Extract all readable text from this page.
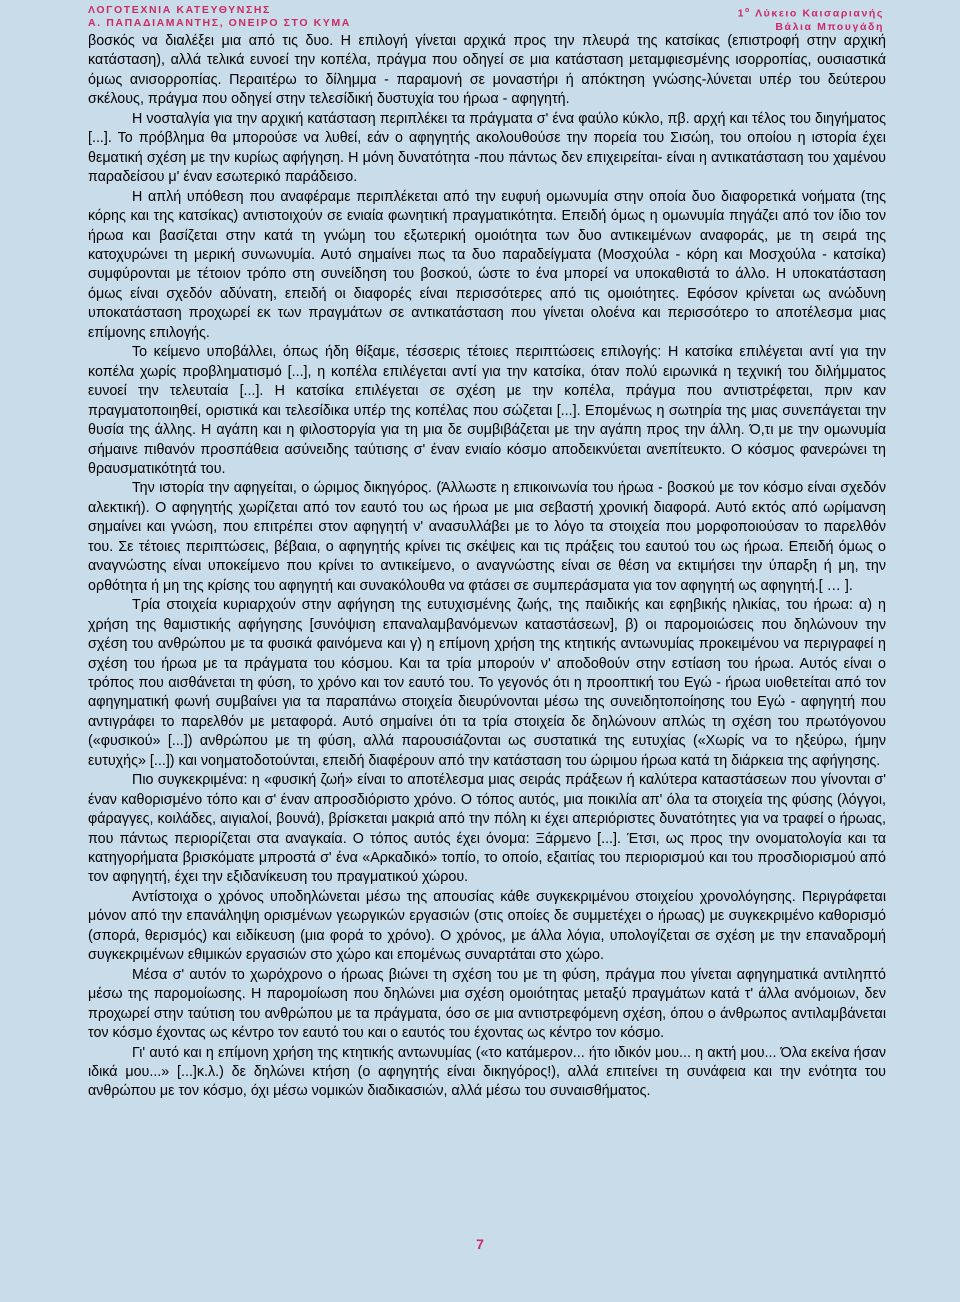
ΛΟΓΟΤΕΧΝΙΑ ΚΑΤΕΥΘΥΝΣΗΣ
Α. ΠΑΠΑΔΙΑΜΑΝΤΗΣ, ΟΝΕΙΡΟ ΣΤΟ ΚΥΜΑ
$1^o$ Λύκειο Καισαριανής
Βάλια Μπουγάδη

βοσκός να διαλέξει μια από τις δυο. Η επιλογή γίνεται αρχικά προς την πλευρά της κατσίκας (επιστροφή στην αρχική κατάσταση), αλλά τελικά ευνοεί την κοπέλα, πράγμα που οδηγεί σε μια κατάσταση μεταμφιεσμένης ισορροπίας, ουσιαστικά όμως ανισορροπίας. Περαιτέρω το δίλημμα - παραμονή σε μοναστήρι ή απόκτηση γνώσης-λύνεται υπέρ του δεύτερου σκέλους, πράγμα που οδηγεί στην τελεσίδική δυστυχία του ήρωα - αφηγητή.

Η νοσταλγία για την αρχική κατάσταση περιπλέκει τα πράγματα σ' ένα φαύλο κύκλο, πβ. αρχή και τέλος του διηγήματος [...]. Το πρόβλημα θα μπορούσε να λυθεί, εάν ο αφηγητής ακολουθούσε την πορεία του Σισώη, του οποίου η ιστορία έχει θεματική σχέση με την κυρίως αφήγηση. Η μόνη δυνατότητα -που πάντως δεν επιχειρείται- είναι η αντικατάσταση του χαμένου παραδείσου μ' έναν εσωτερικό παράδεισο.

Η απλή υπόθεση που αναφέραμε περιπλέκεται από την ευφυή ομωνυμία στην οποία δυο διαφορετικά νοήματα (της κόρης και της κατσίκας) αντιστοιχούν σε ενιαία φωνητική πραγματικότητα. Επειδή όμως η ομωνυμία πηγάζει από τον ίδιο τον ήρωα και βασίζεται στην κατά τη γνώμη του εξωτερική ομοιότητα των δυο αντικειμένων αναφοράς, με τη σειρά της κατοχυρώνει τη μερική συνωνυμία. Αυτό σημαίνει πως τα δυο παραδείγματα (Μοσχούλα - κόρη και Μοσχούλα - κατσίκα) συμφύρονται με τέτοιον τρόπο στη συνείδηση του βοσκού, ώστε το ένα μπορεί να υποκαθιστά το άλλο. Η υποκατάσταση όμως είναι σχεδόν αδύνατη, επειδή οι διαφορές είναι περισσότερες από τις ομοιότητες. Εφόσον κρίνεται ως ανώδυνη υποκατάσταση προχωρεί εκ των πραγμάτων σε αντικατάσταση που γίνεται ολοένα και περισσότερο το αποτέλεσμα μιας επίμονης επιλογής.

Το κείμενο υποβάλλει, όπως ήδη θίξαμε, τέσσερις τέτοιες περιπτώσεις επιλογής: Η κατσίκα επιλέγεται αντί για την κοπέλα χωρίς προβληματισμό [...], η κοπέλα επιλέγεται αντί για την κατσίκα, όταν πολύ ειρωνικά η τεχνική του διλήμματος ευνοεί την τελευταία [...]. Η κατσίκα επιλέγεται σε σχέση με την κοπέλα, πράγμα που αντιστρέφεται, πριν καν πραγματοποιηθεί, οριστικά και τελεσίδικα υπέρ της κοπέλας που σώζεται [...]. Επομένως η σωτηρία της μιας συνεπάγεται την θυσία της άλλης. Η αγάπη και η φιλοστοργία για τη μια δε συμβιβάζεται με την αγάπη προς την άλλη. Ό,τι με την ομωνυμία σήμαινε πιθανόν προσπάθεια ασύνειδης ταύτισης σ' έναν ενιαίο κόσμο αποδεικνύεται ανεπίτευκτο. Ο κόσμος φανερώνει τη θραυσματικότητά του.

Την ιστορία την αφηγείται, ο ώριμος δικηγόρος. (Άλλωστε η επικοινωνία του ήρωα - βοσκού με τον κόσμο είναι σχεδόν αλεκτική). Ο αφηγητής χωρίζεται από τον εαυτό του ως ήρωα με μια σεβαστή χρονική διαφορά. Αυτό εκτός από ωρίμανση σημαίνει και γνώση, που επιτρέπει στον αφηγητή ν' ανασυλλάβει με το λόγο τα στοιχεία που μορφοποιούσαν το παρελθόν του. Σε τέτοιες περιπτώσεις, βέβαια, ο αφηγητής κρίνει τις σκέψεις και τις πράξεις του εαυτού του ως ήρωα. Επειδή όμως ο αναγνώστης είναι υποκείμενο που κρίνει το αντικείμενο, ο αναγνώστης είναι σε θέση να εκτιμήσει την ύπαρξη ή μη, την ορθότητα ή μη της κρίσης του αφηγητή και συνακόλουθα να φτάσει σε συμπεράσματα για τον αφηγητή ως αφηγητή.[ … ].

Τρία στοιχεία κυριαρχούν στην αφήγηση της ευτυχισμένης ζωής, της παιδικής και εφηβικής ηλικίας, του ήρωα: α) η χρήση της θαμιστικής αφήγησης [συνόψιση επαναλαμβανόμενων καταστάσεων], β) οι παρομοιώσεις που δηλώνουν την σχέση του ανθρώπου με τα φυσικά φαινόμενα και γ) η επίμονη χρήση της κτητικής αντωνυμίας προκειμένου να περιγραφεί η σχέση του ήρωα με τα πράγματα του κόσμου. Και τα τρία μπορούν ν' αποδοθούν στην εστίαση του ήρωα. Αυτός είναι ο τρόπος που αισθάνεται τη φύση, το χρόνο και τον εαυτό του. Το γεγονός ότι η προοπτική του Εγώ - ήρωα υιοθετείται από τον αφηγηματική φωνή συμβαίνει για τα παραπάνω στοιχεία διευρύνονται μέσω της συνειδητοποίησης του Εγώ - αφηγητή που αντιγράφει το παρελθόν με μεταφορά. Αυτό σημαίνει ότι τα τρία στοιχεία δε δηλώνουν απλώς τη σχέση του πρωτόγονου («φυσικού» [...]) ανθρώπου με τη φύση, αλλά παρουσιάζονται ως συστατικά της ευτυχίας («Χωρίς να το ηξεύρω, ήμην ευτυχής» [...]) και νοηματοδοτούνται, επειδή διαφέρουν από την κατάσταση του ώριμου ήρωα κατά τη διάρκεια της αφήγησης.

Πιο συγκεκριμένα: η «φυσική ζωή» είναι το αποτέλεσμα μιας σειράς πράξεων ή καλύτερα καταστάσεων που γίνονται σ' έναν καθορισμένο τόπο και σ' έναν απροσδιόριστο χρόνο. Ο τόπος αυτός, μια ποικιλία απ' όλα τα στοιχεία της φύσης (λόγγοι, φάραγγες, κοιλάδες, αιγιαλοί, βουνά), βρίσκεται μακριά από την πόλη κι έχει απεριόριστες δυνατότητες για να τραφεί ο ήρωας, που πάντως περιορίζεται στα αναγκαία. Ο τόπος αυτός έχει όνομα: Ξάρμενο [...]. Έτσι, ως προς την ονοματολογία και τα κατηγορήματα βρισκόματε μπροστά σ' ένα «Αρκαδικό» τοπίο, το οποίο, εξαιτίας του περιορισμού και του προσδιορισμού από τον αφηγητή, έχει την εξιδανίκευση του πραγματικού χώρου.

Αντίστοιχα ο χρόνος υποδηλώνεται μέσω της απουσίας κάθε συγκεκριμένου στοιχείου χρονολόγησης. Περιγράφεται μόνον από την επανάληψη ορισμένων γεωργικών εργασιών (στις οποίες δε συμμετέχει ο ήρωας) με συγκεκριμένο καθορισμό (σπορά, θερισμός) και ειδίκευση (μια φορά το χρόνο). Ο χρόνος, με άλλα λόγια, υπολογίζεται σε σχέση με την επαναδρομή συγκεκριμένων εθιμικών εργασιών στο χώρο και επομένως συναρτάται στο χώρο.

Μέσα σ' αυτόν το χωρόχρονο ο ήρωας βιώνει τη σχέση του με τη φύση, πράγμα που γίνεται αφηγηματικά αντιληπτό μέσω της παρομοίωσης. Η παρομοίωση που δηλώνει μια σχέση ομοιότητας μεταξύ πραγμάτων κατά τ' άλλα ανόμοιων, δεν προχωρεί στην ταύτιση του ανθρώπου με τα πράγματα, όσο σε μια αντιστρεφόμενη σχέση, όπου ο άνθρωπος αντιλαμβάνεται τον κόσμο έχοντας ως κέντρο τον εαυτό του και ο εαυτός του έχοντας ως κέντρο τον κόσμο.

Γι' αυτό και η επίμονη χρήση της κτητικής αντωνυμίας («το κατάμερον... ήτο ιδικόν μου... η ακτή μου... Όλα εκείνα ήσαν ιδικά μου...» [...]κ.λ.) δε δηλώνει κτήση (ο αφηγητής είναι δικηγόρος!), αλλά επιτείνει τη συνάφεια και την ενότητα του ανθρώπου με τον κόσμο, όχι μέσω νομικών διαδικασιών, αλλά μέσω του συναισθήματος.

7
